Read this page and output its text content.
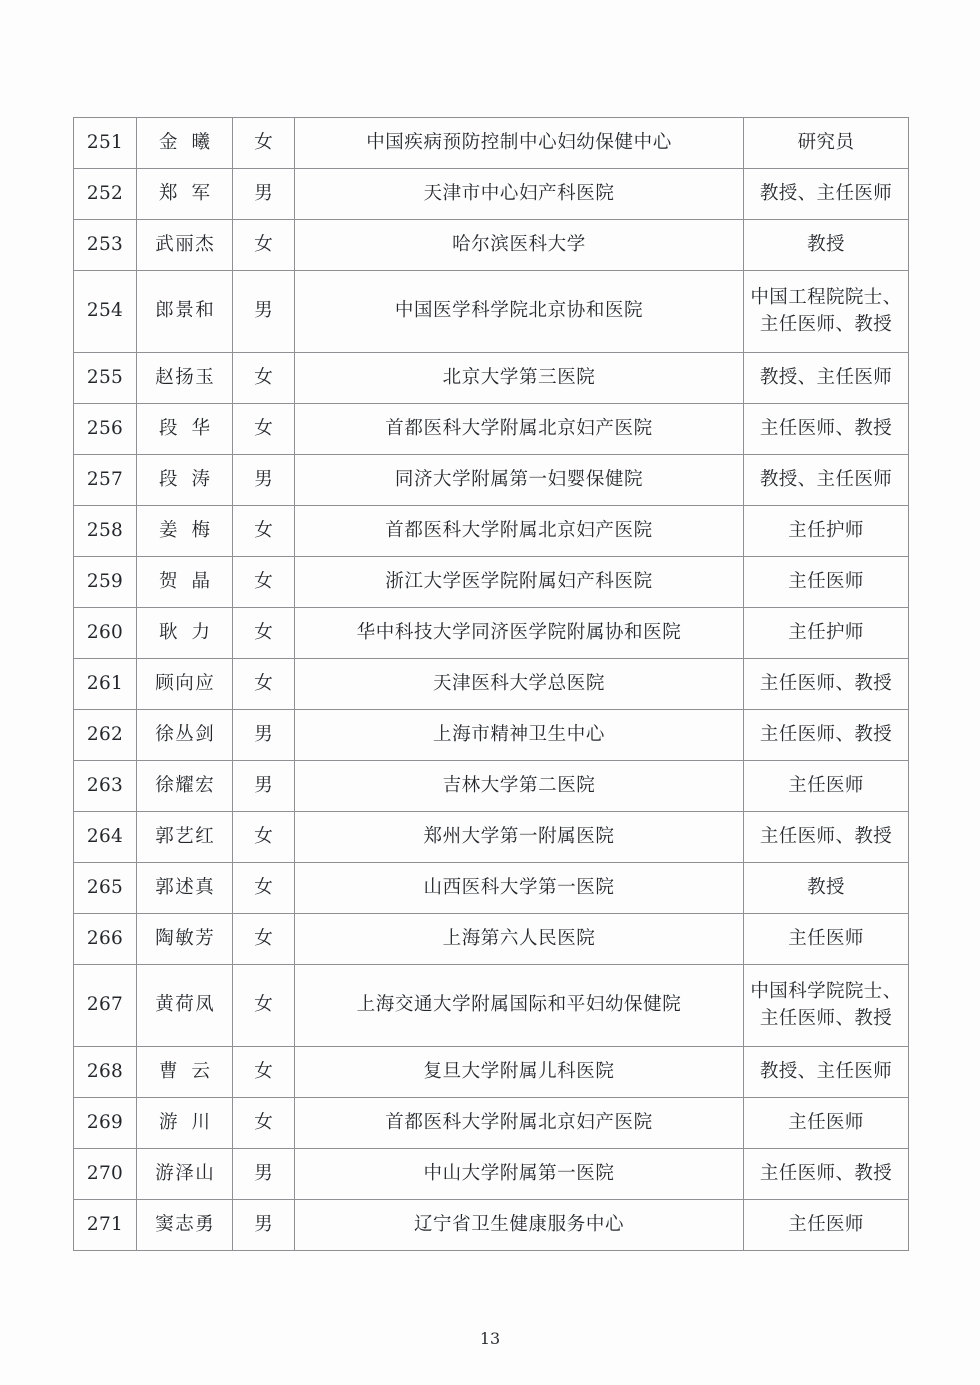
251	金曦	女	中国疾病预防控制中心妇幼保健中心	研究员
252	郑军	男	天津市中心妇产科医院	教授、主任医师
253	武丽杰	女	哈尔滨医科大学	教授
254	郎景和	男	中国医学科学院北京协和医院	中国工程院院士、
主任医师、教授

255	赵扬玉	女	北京大学第三医院	教授、主任医师
256	段华	女	首都医科大学附属北京妇产医院	主任医师、教授
257	段涛	男	同济大学附属第一妇婴保健院	教授、主任医师
258	姜梅	女	首都医科大学附属北京妇产医院	主任护师
259	贺晶	女	浙江大学医学院附属妇产科医院	主任医师
260	耿力	女	华中科技大学同济医学院附属协和医院	主任护师
261	顾向应	女	天津医科大学总医院	主任医师、教授
262	徐丛剑	男	上海市精神卫生中心	主任医师、教授
263	徐耀宏	男	吉林大学第二医院	主任医师
264	郭艺红	女	郑州大学第一附属医院	主任医师、教授
265	郭述真	女	山西医科大学第一医院	教授
266	陶敏芳	女	上海第六人民医院	主任医师
267	黄荷凤	女	上海交通大学附属国际和平妇幼保健院	中国科学院院士、
主任医师、教授

268	曹云	女	复旦大学附属儿科医院	教授、主任医师
269	游川	女	首都医科大学附属北京妇产医院	主任医师
270	游泽山	男	中山大学附属第一医院	主任医师、教授
271	窦志勇	男	辽宁省卫生健康服务中心	主任医师
13
